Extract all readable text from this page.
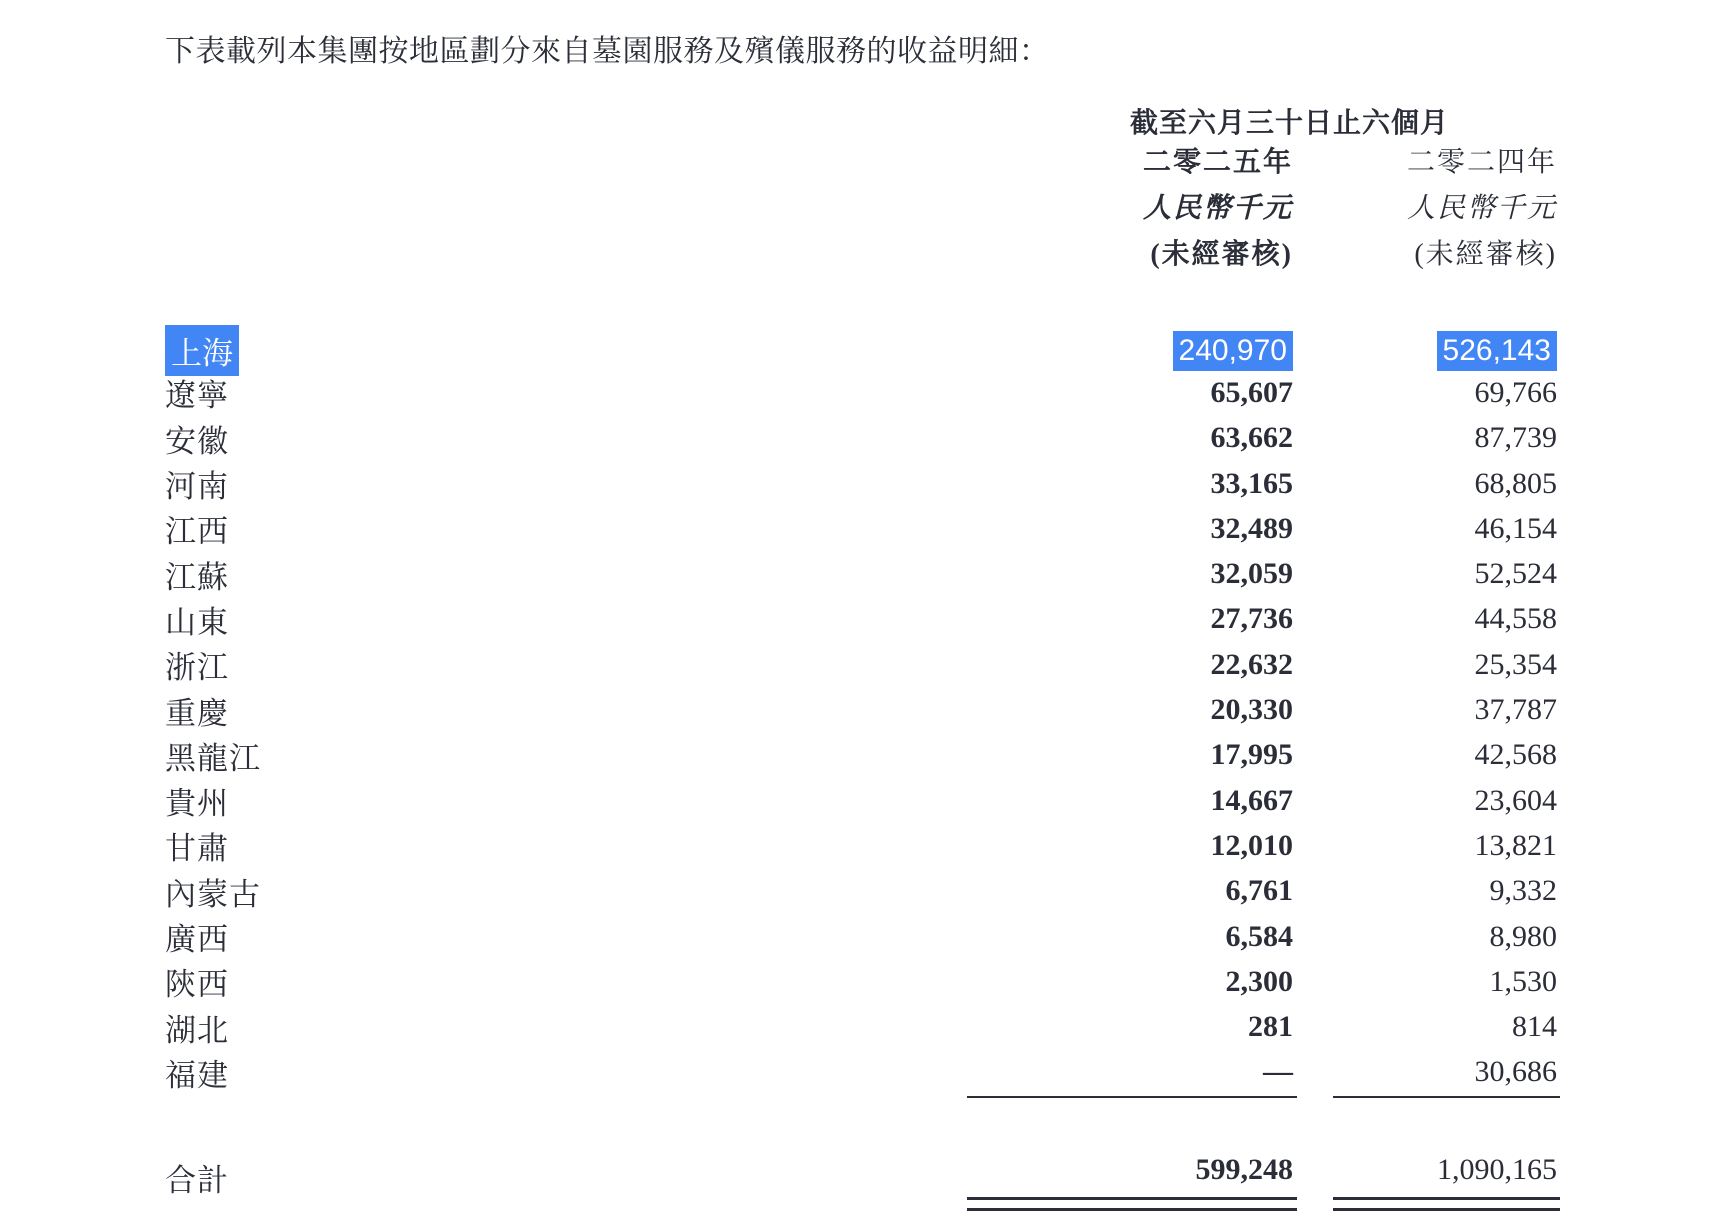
下表載列本集團按地區劃分來自墓園服務及殯儀服務的收益明細：
截至六月三十日止六個月
二零二五年
人民幣千元
(未經審核)
二零二四年
人民幣千元
(未經審核)
上海	240,970	526,143
遼寧	65,607	69,766
安徽	63,662	87,739
河南	33,165	68,805
江西	32,489	46,154
江蘇	32,059	52,524
山東	27,736	44,558
浙江	22,632	25,354
重慶	20,330	37,787
黑龍江	17,995	42,568
貴州	14,667	23,604
甘肅	12,010	13,821
內蒙古	6,761	9,332
廣西	6,584	8,980
陝西	2,300	1,530
湖北	281	814
福建	—	30,686
合計	599,248	1,090,165
